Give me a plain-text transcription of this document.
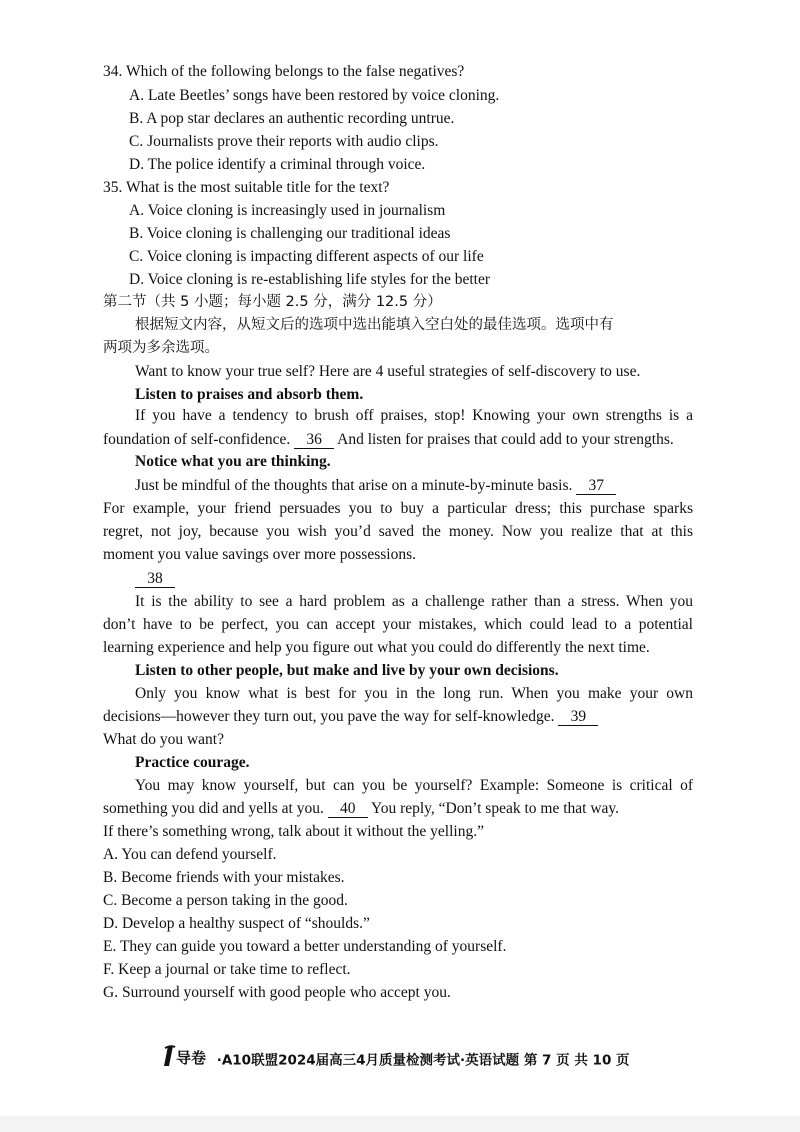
34. Which of the following belongs to the false negatives?
A. Late Beetles’ songs have been restored by voice cloning.
B. A pop star declares an authentic recording untrue.
C. Journalists prove their reports with audio clips.
D. The police identify a criminal through voice.
35. What is the most suitable title for the text?
A. Voice cloning is increasingly used in journalism
B. Voice cloning is challenging our traditional ideas
C. Voice cloning is impacting different aspects of our life
D. Voice cloning is re-establishing life styles for the better
第二节（共 5 小题；每小题 2.5 分，满分 12.5 分）
根据短文内容，从短文后的选项中选出能填入空白处的最佳选项。选项中有
两项为多余选项。
Want to know your true self? Here are 4 useful strategies of self-discovery to use.
Listen to praises and absorb them.
If you have a tendency to brush off praises, stop! Knowing your own strengths is a
foundation of self-confidence. 36 And listen for praises that could add to your strengths.
Notice what you are thinking.
Just be mindful of the thoughts that arise on a minute-by-minute basis. 37
For example, your friend persuades you to buy a particular dress; this purchase sparks
regret, not joy, because you wish you’d saved the money. Now you realize that at this
moment you value savings over more possessions.
38
It is the ability to see a hard problem as a challenge rather than a stress. When you
don’t have to be perfect, you can accept your mistakes, which could lead to a potential
learning experience and help you figure out what you could do differently the next time.
Listen to other people, but make and live by your own decisions.
Only you know what is best for you in the long run. When you make your own
decisions—however they turn out, you pave the way for self-knowledge. 39
What do you want?
Practice courage.
You may know yourself, but can you be yourself? Example: Someone is critical of
something you did and yells at you. 40 You reply, “Don’t speak to me that way.
If there’s something wrong, talk about it without the yelling.”
A. You can defend yourself.
B. Become friends with your mistakes.
C. Become a person taking in the good.
D. Develop a healthy suspect of “shoulds.”
E. They can guide you toward a better understanding of yourself.
F. Keep a journal or take time to reflect.
G. Surround yourself with good people who accept you.
导卷 ·A10联盟2024届高三4月质量检测考试·英语试题 第 7 页 共 10 页
